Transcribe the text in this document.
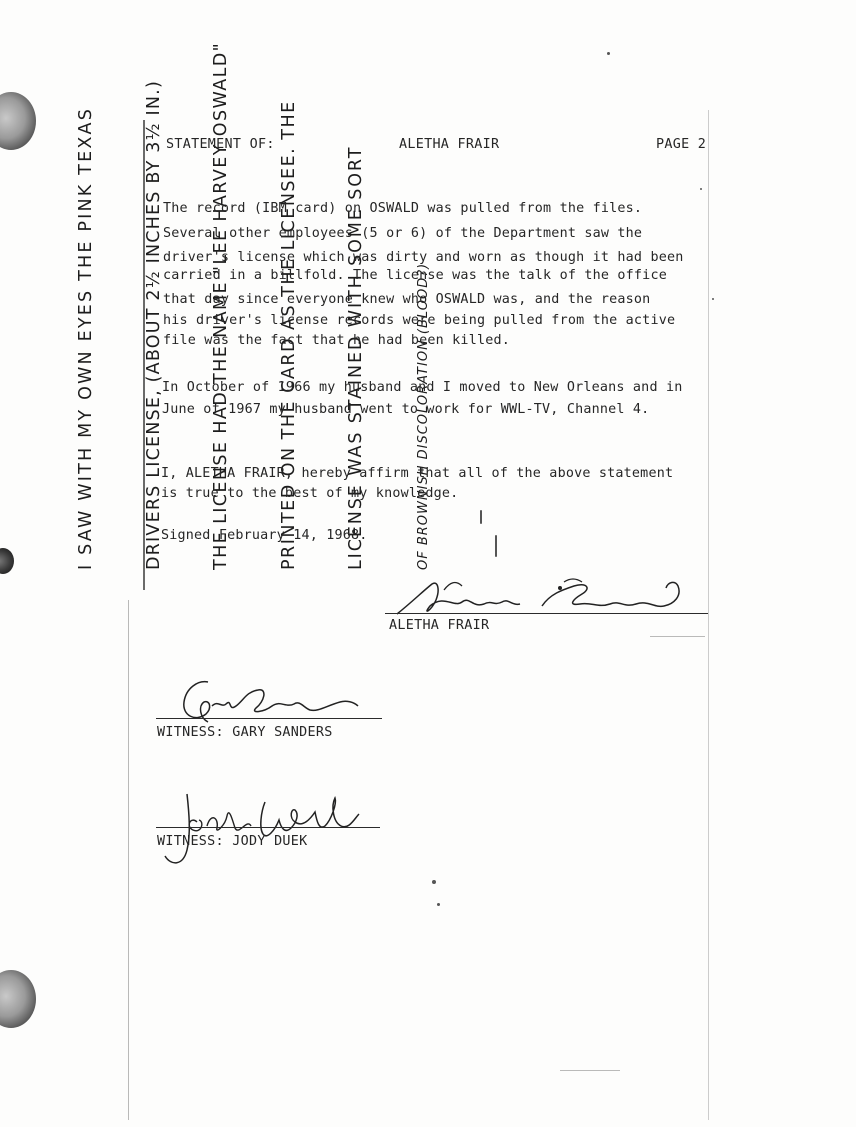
I SAW WITH MY OWN EYES THE PINK TEXAS

	DRIVERS LICENSE, (ABOUT 2½ INCHES BY 3½ IN.)

	THE LICENSE HAD THE NAME "LEE HARVEY OSWALD"

	PRINTED ON THE CARD AS THE LICENSEE. THE

	LICENSE WAS STAINED WITH SOME SORT

	OF BROWNISH DISCOLORATION (BLOOD?)

STATEMENT OF:	ALETHA FRAIR	PAGE 2
The record (IBM card) on OSWALD was pulled from the files.
Several other employees (5 or 6) of the Department saw the
driver's license which was dirty and worn as though it had been
carried in a billfold. The license was the talk of the office
that day since everyone knew who OSWALD was, and the reason
his driver's license records were being pulled from the active
file was the fact that he had been killed.
In October of 1966 my husband and I moved to New Orleans and in
June of 1967 my husband went to work for WWL-TV, Channel 4.
I, ALETHA FRAIR, hereby affirm that all of the above statement
is true to the best of my knowledge.
Signed February 14, 1968.
ALETHA FRAIR
WITNESS: GARY SANDERS
WITNESS: JODY DUEK
